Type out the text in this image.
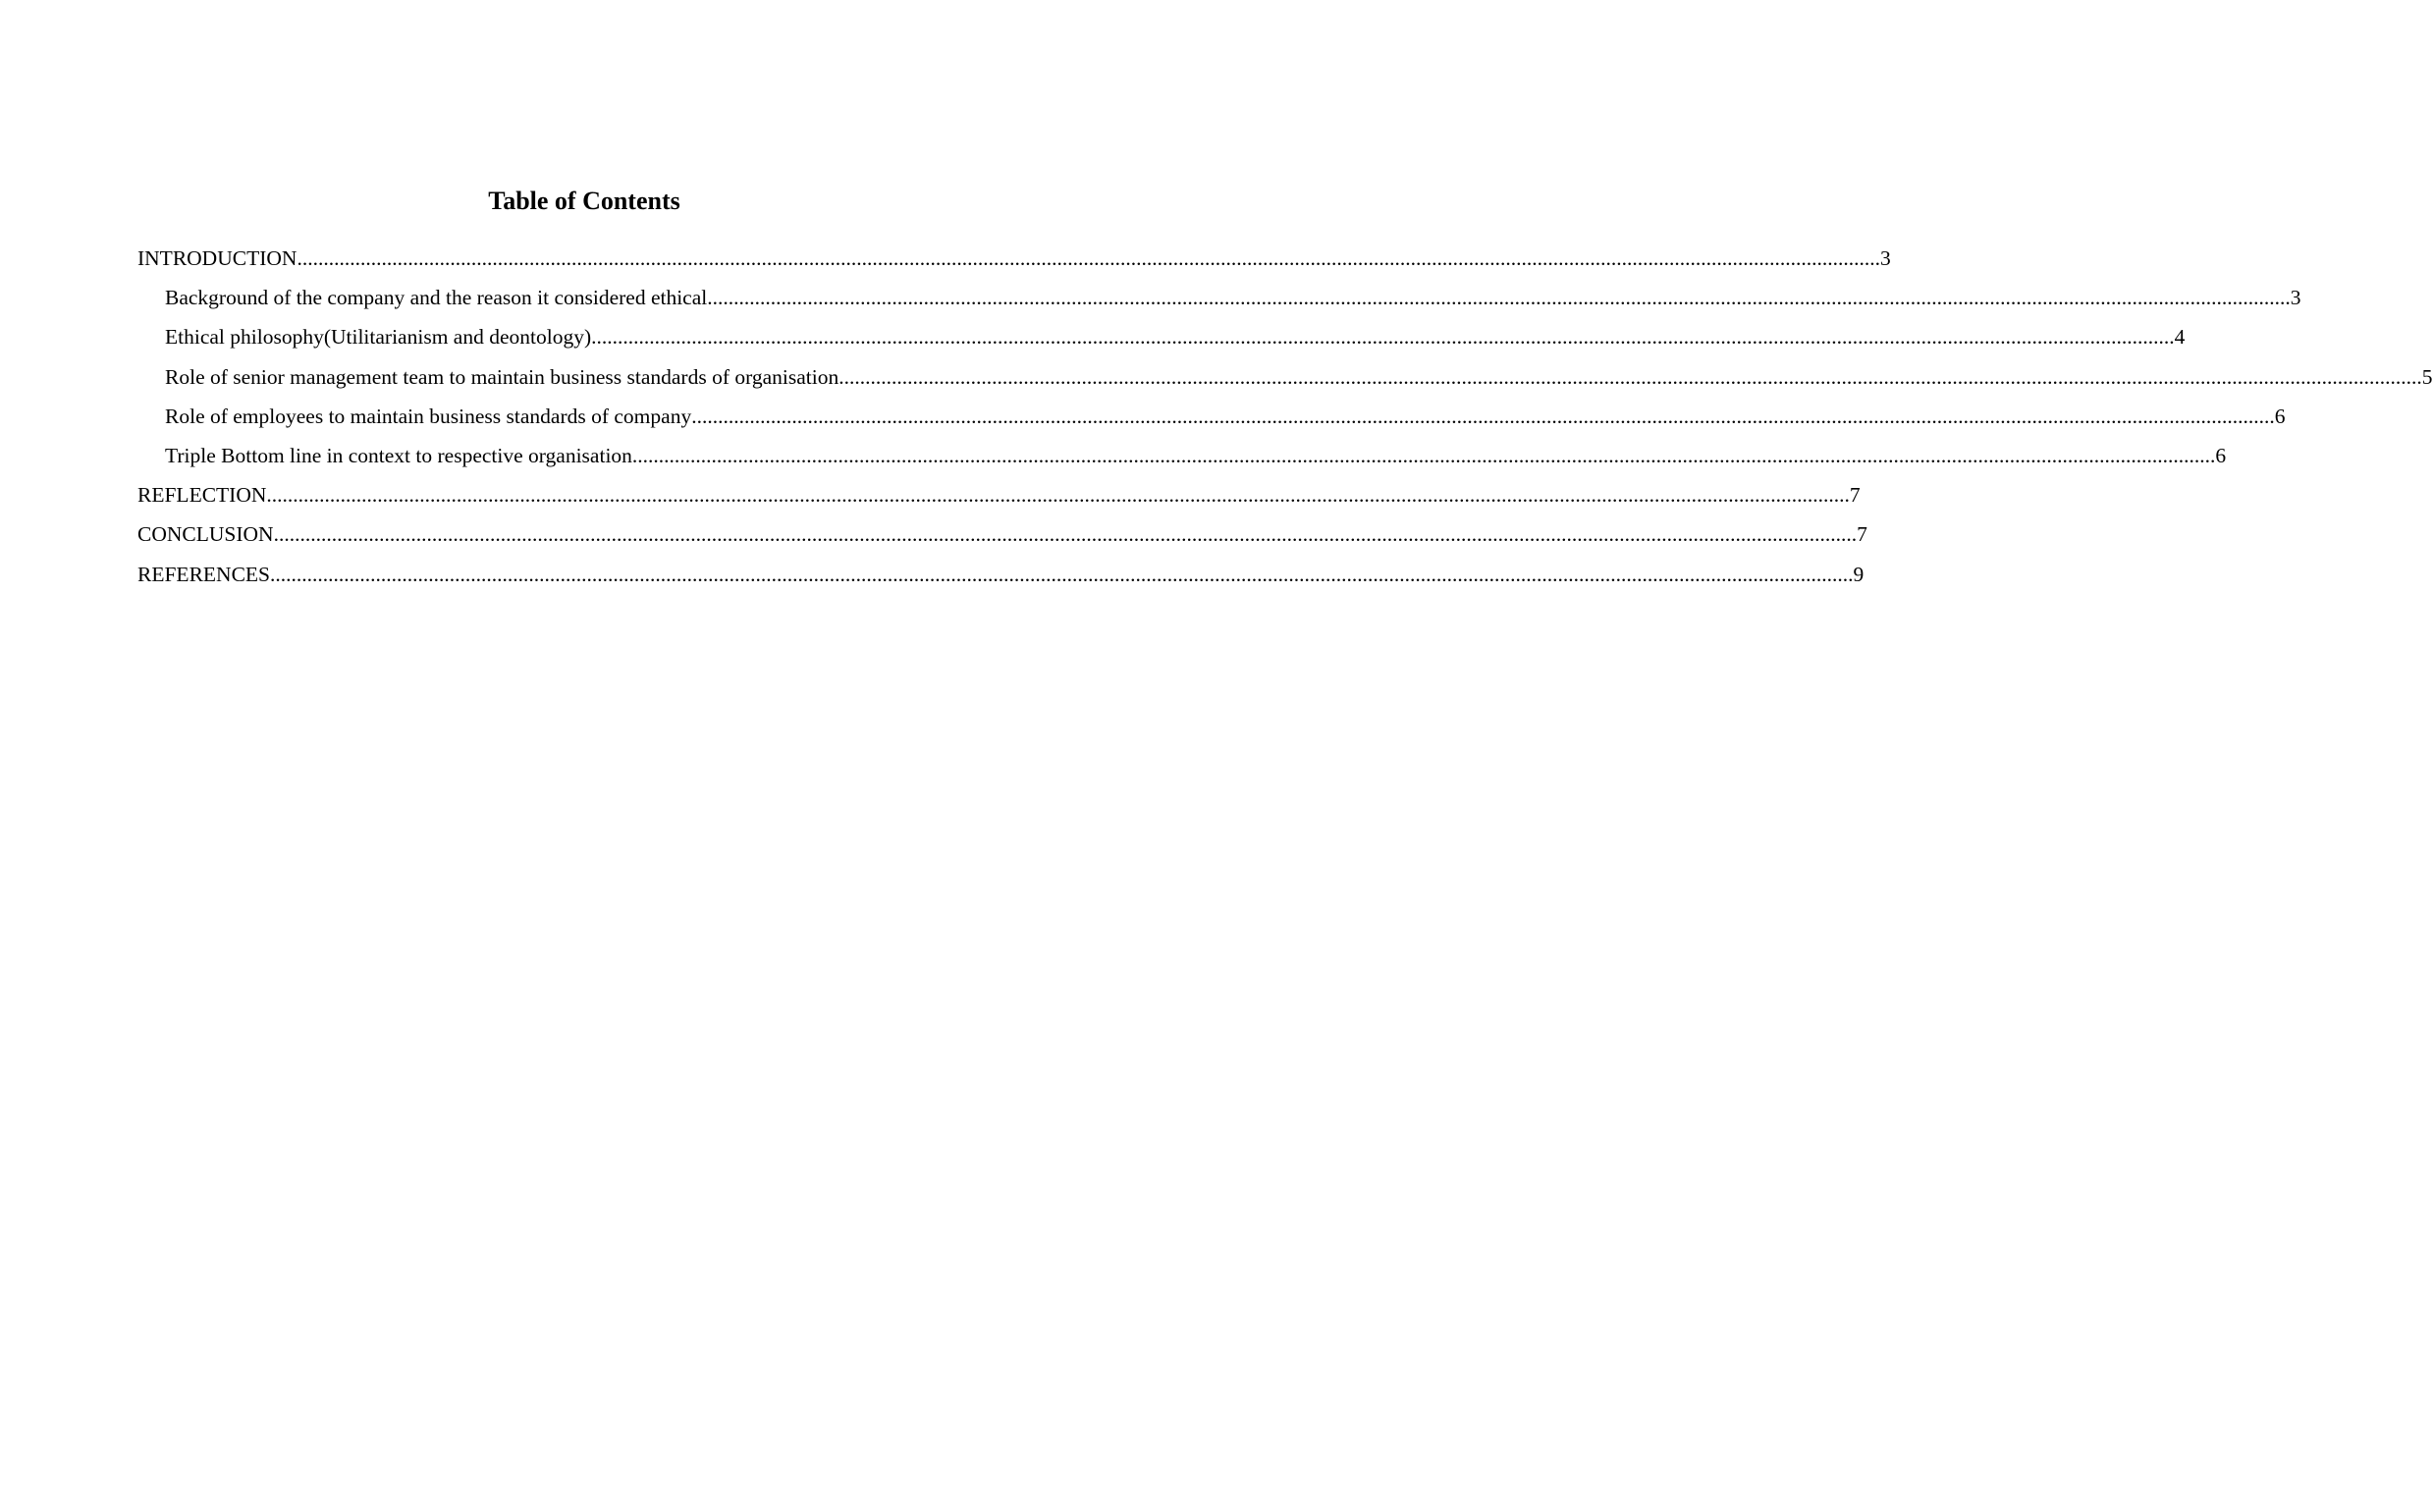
Table of Contents
INTRODUCTION ............................................................................................................................................................................................................................................................................................................ 3
Background of the company and the reason it considered ethical ............................................................................................................................................................................................................................................................................................................ 3
Ethical philosophy(Utilitarianism and deontology) ............................................................................................................................................................................................................................................................................................................ 4
Role of senior management team to maintain business standards of organisation ............................................................................................................................................................................................................................................................................................................ 5
Role of employees to maintain business standards of company ............................................................................................................................................................................................................................................................................................................ 6
Triple Bottom line in context to respective organisation ............................................................................................................................................................................................................................................................................................................ 6
REFLECTION ............................................................................................................................................................................................................................................................................................................ 7
CONCLUSION ............................................................................................................................................................................................................................................................................................................ 7
REFERENCES ............................................................................................................................................................................................................................................................................................................ 9
